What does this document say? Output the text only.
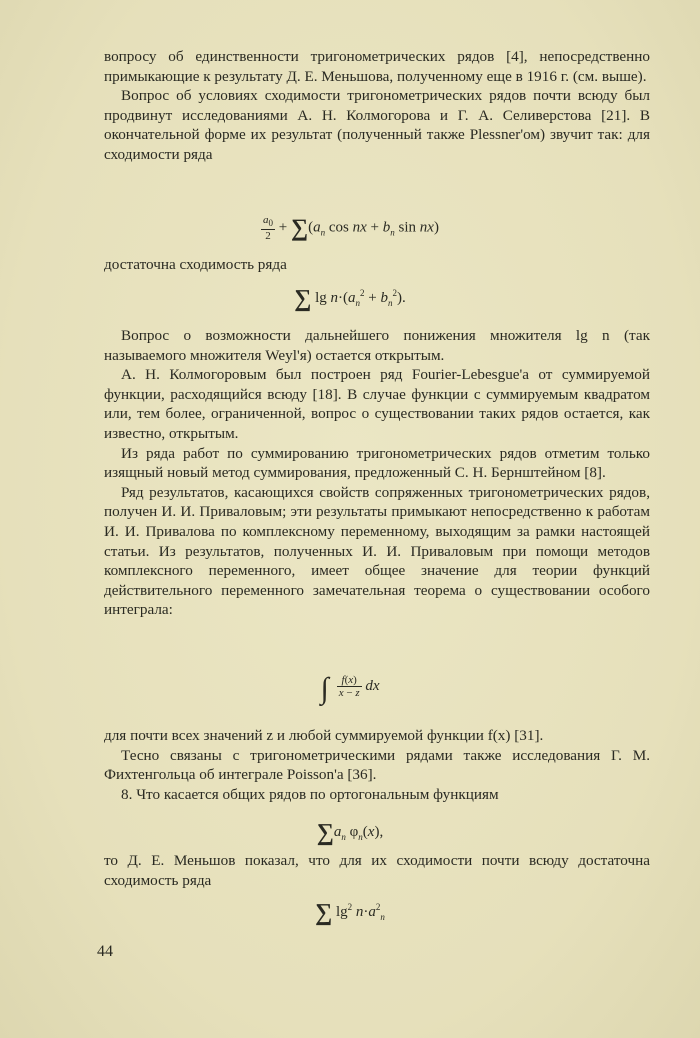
вопросу об единственности тригонометрических рядов [4], непосредственно примыкающие к результату Д. Е. Меньшова, полученному еще в 1916 г. (см. выше).

Вопрос об условиях сходимости тригонометрических рядов почти всюду был продвинут исследованиями А. Н. Колмогорова и Г. А. Селиверстова [21]. В окончательной форме их результат (полученный также Plessner'ом) звучит так: для сходимости ряда

$\frac{a_0}{2} + \sum(a_n$ cos nx + $b_n$ sin nx)

достаточна сходимость ряда

∑ $\lg n\cdot(a_n^2 + b_n^2)$.

Вопрос о возможности дальнейшего понижения множителя lg n (так называемого множителя Weyl'я) остается открытым.

А. Н. Колмогоровым был построен ряд Fourier-Lebesgue'а от суммируемой функции, расходящийся всюду [18]. В случае функции с суммируемым квадратом или, тем более, ограниченной, вопрос о существовании таких рядов остается, как известно, открытым.

Из ряда работ по суммированию тригонометрических рядов отметим только изящный новый метод суммирования, предложенный С. Н. Бернштейном [8].

Ряд результатов, касающихся свойств сопряженных тригонометрических рядов, получен И. И. Приваловым; эти результаты примыкают непосредственно к работам И. И. Привалова по комплексному переменному, выходящим за рамки настоящей статьи. Из результатов, полученных И. И. Приваловым при помощи методов комплексного переменного, имеет общее значение для теории функций действительного переменного замечательная теорема о существовании особого интеграла:

∫ $\frac{f(x)}{x - z}$ dx

для почти всех значений z и любой суммируемой функции f(x) [31].

Тесно связаны с тригонометрическими рядами также исследования Г. М. Фихтенгольца об интеграле Poisson'а [36].

8. Что касается общих рядов по ортогональным функциям

$\sum a_n$ $\varphi_n(x)$,

то Д. Е. Меньшов показал, что для их сходимости почти всюду достаточна сходимость ряда

∑ $\lg^2 n\cdot a^2_n$
44
